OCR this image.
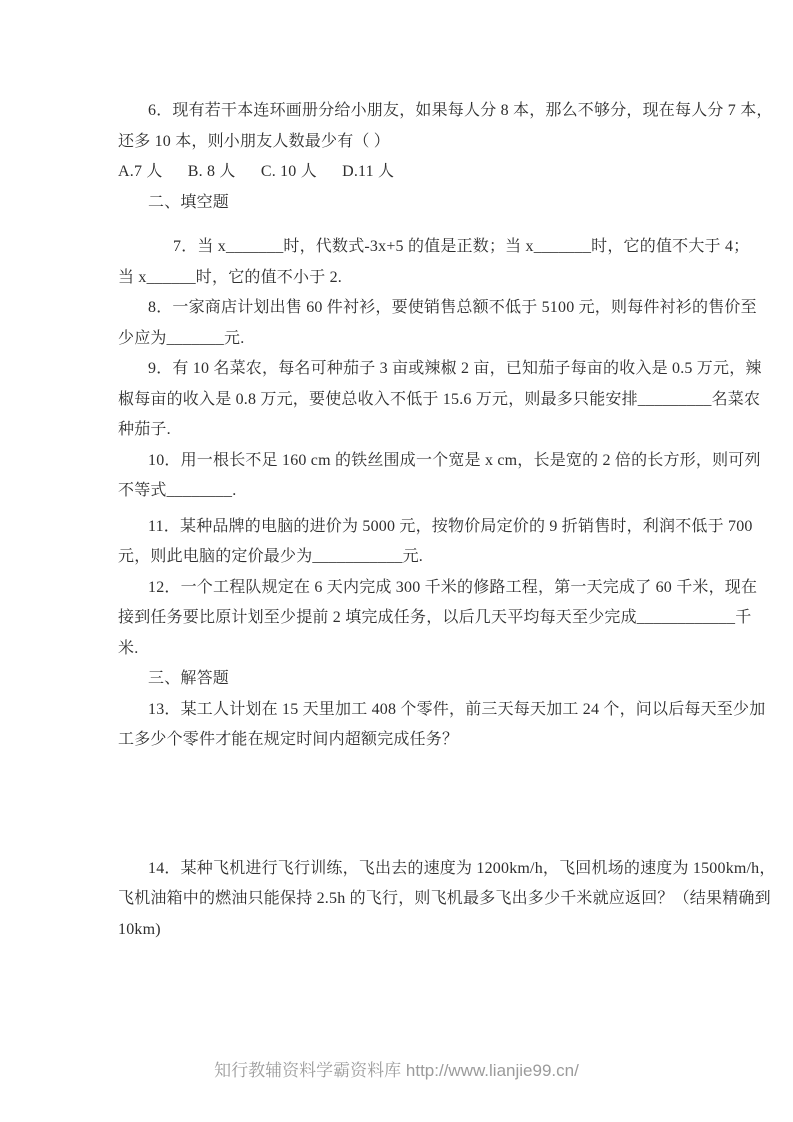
6．现有若干本连环画册分给小朋友，如果每人分 8 本，那么不够分，现在每人分 7 本，
还多 10 本，则小朋友人数最少有（ ）
A.7 人      B. 8 人      C. 10 人      D.11 人
二、填空题
7．当 x_______时，代数式-3x+5 的值是正数；当 x_______时，它的值不大于 4；
当 x______时，它的值不小于 2.
8．一家商店计划出售 60 件衬衫，要使销售总额不低于 5100 元，则每件衬衫的售价至
少应为_______元.
9．有 10 名菜农，每名可种茄子 3 亩或辣椒 2 亩，已知茄子每亩的收入是 0.5 万元，辣
椒每亩的收入是 0.8 万元，要使总收入不低于 15.6 万元，则最多只能安排_________名菜农
种茄子.
10．用一根长不足 160 cm 的铁丝围成一个宽是 x cm，长是宽的 2 倍的长方形，则可列
不等式________.
11．某种品牌的电脑的进价为 5000 元，按物价局定价的 9 折销售时，利润不低于 700
元，则此电脑的定价最少为___________元.
12．一个工程队规定在 6 天内完成 300 千米的修路工程，第一天完成了 60 千米，现在
接到任务要比原计划至少提前 2 填完成任务，以后几天平均每天至少完成____________千
米.
三、解答题
13．某工人计划在 15 天里加工 408 个零件，前三天每天加工 24 个，问以后每天至少加
工多少个零件才能在规定时间内超额完成任务？
14．某种飞机进行飞行训练，飞出去的速度为 1200km/h，飞回机场的速度为 1500km/h，
飞机油箱中的燃油只能保持 2.5h 的飞行，则飞机最多飞出多少千米就应返回？（结果精确到
10km)
知行教辅资料学霸资料库 http://www.lianjie99.cn/
